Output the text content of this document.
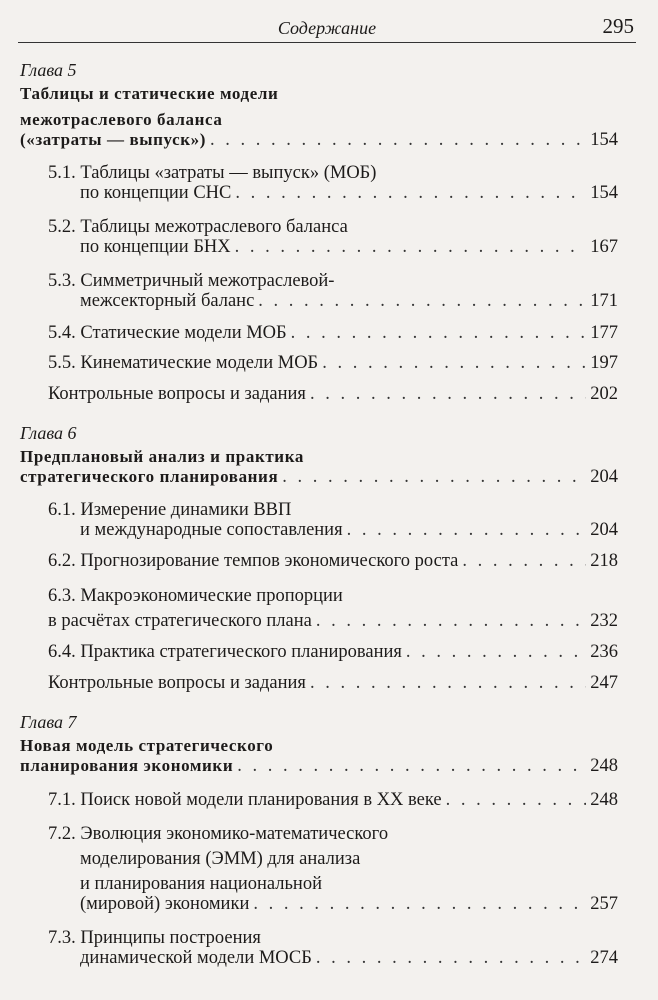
Содержание	295
Глава 5
Таблицы и статические модели
межотраслевого баланса
(«затраты — выпуск») . . .	154
5.1. Таблицы «затраты — выпуск» (МОБ)
по концепции СНС . . .	154
5.2. Таблицы межотраслевого баланса
по концепции БНХ . . .	167
5.3. Симметричный межотраслевой-
межсекторный баланс . . .	171
5.4. Статические модели МОБ . . .	177
5.5. Кинематические модели МОБ . . .	197
Контрольные вопросы и задания . . .	202
Глава 6
Предплановый анализ и практика
стратегического планирования . . .	204
6.1. Измерение динамики ВВП
и международные сопоставления . . .	204
6.2. Прогнозирование темпов экономического роста . . .	218
6.3. Макроэкономические пропорции
в расчётах стратегического плана . . .	232
6.4. Практика стратегического планирования . . .	236
Контрольные вопросы и задания . . .	247
Глава 7
Новая модель стратегического
планирования экономики . . .	248
7.1. Поиск новой модели планирования в XX веке . . .	248
7.2. Эволюция экономико-математического
моделирования (ЭММ) для анализа
и планирования национальной
(мировой) экономики . . .	257
7.3. Принципы построения
динамической модели МОСБ . . .	274
